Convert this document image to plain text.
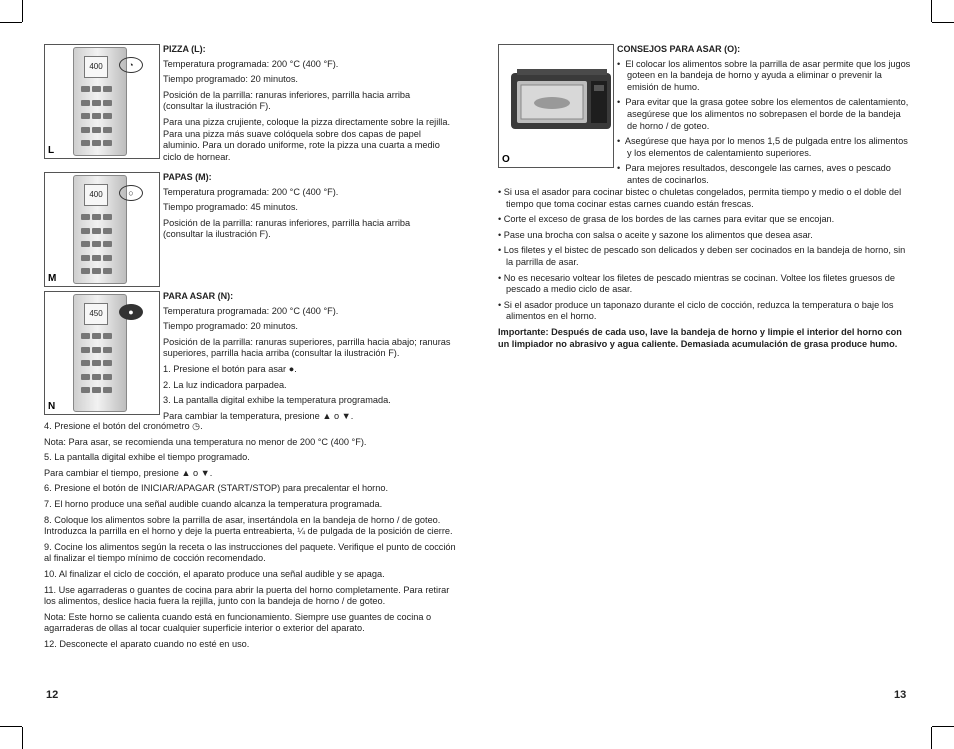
400	◔
L
PIZZA (L):

Temperatura programada: 200 °C (400 °F).

Tiempo programado: 20 minutos.

Posición de la parrilla: ranuras inferiores, parrilla hacia arriba (consultar la ilustración F).

Para una pizza crujiente, coloque la pizza directamente sobre la rejilla. Para una pizza más suave colóquela sobre dos capas de papel aluminio. Para un dorado uniforme, rote la pizza una cuarta a medio ciclo de hornear.

400	○
M
PAPAS (M):

Temperatura programada: 200 °C (400 °F).

Tiempo programado: 45 minutos.

Posición de la parrilla: ranuras inferiores, parrilla hacia arriba (consultar la ilustración F).

450	●
N
PARA ASAR (N):

Temperatura programada: 200 °C (400 °F).

Tiempo programado: 20 minutos.

Posición de la parrilla: ranuras superiores, parrilla hacia abajo; ranuras superiores, parrilla hacia arriba (consultar la ilustración F).

1. Presione el botón para asar ●.

2. La luz indicadora parpadea.

3. La pantalla digital exhibe la temperatura programada.

Para cambiar la temperatura, presione ▲ o ▼.

4. Presione el botón del cronómetro ◷.

Nota: Para asar, se recomienda una temperatura no menor de 200 °C (400 °F).

5. La pantalla digital exhibe el tiempo programado.

Para cambiar el tiempo, presione ▲ o ▼.

6. Presione el botón de INICIAR/APAGAR (START/STOP) para precalentar el horno.

7. El horno produce una señal audible cuando alcanza la temperatura programada.

8. Coloque los alimentos sobre la parrilla de asar, insertándola en la bandeja de horno / de goteo. Introduzca la parrilla en el horno y deje la puerta entreabierta, ¼ de pulgada de la posición de cierre.

9. Cocine los alimentos según la receta o las instrucciones del paquete. Verifique el punto de cocción al finalizar el tiempo mínimo de cocción recomendado.

10. Al finalizar el ciclo de cocción, el aparato produce una señal audible y se apaga.

11. Use agarraderas o guantes de cocina para abrir la puerta del horno completamente. Para retirar los alimentos, deslice hacia fuera la rejilla, junto con la bandeja de horno / de goteo.

Nota: Este horno se calienta cuando está en funcionamiento. Siempre use guantes de cocina o agarraderas de ollas al tocar cualquier superficie interior o exterior del aparato.

12. Desconecte el aparato cuando no esté en uso.

12
O
CONSEJOS PARA ASAR (O):

•  El colocar los alimentos sobre la parrilla de asar permite que los jugos goteen en la bandeja de horno y ayuda a eliminar o prevenir la emisión de humo.

•  Para evitar que la grasa gotee sobre los elementos de calentamiento, asegúrese que los alimentos no sobrepasen el borde de la bandeja de horno / de goteo.

•  Asegúrese que haya por lo menos 1,5 de pulgada entre los alimentos y los elementos de calentamiento superiores.

•  Para mejores resultados, descongele las carnes, aves o pescado antes de cocinarlos.

• Si usa el asador para cocinar bistec o chuletas congelados, permita tiempo y medio o el doble del tiempo que toma cocinar estas carnes cuando están frescas.

• Corte el exceso de grasa de los bordes de las carnes para evitar que se encojan.

• Pase una brocha con salsa o aceite y sazone los alimentos que desea asar.

• Los filetes y el bistec de pescado son delicados y deben ser cocinados en la bandeja de horno, sin la parrilla de asar.

• No es necesario voltear los filetes de pescado mientras se cocinan. Voltee los filetes gruesos de pescado a medio ciclo de asar.

• Si el asador produce un taponazo durante el ciclo de cocción, reduzca la temperatura o baje los alimentos en el horno.

Importante: Después de cada uso, lave la bandeja de horno y limpie el interior del horno con un limpiador no abrasivo y agua caliente. Demasiada acumulación de grasa produce humo.

13
